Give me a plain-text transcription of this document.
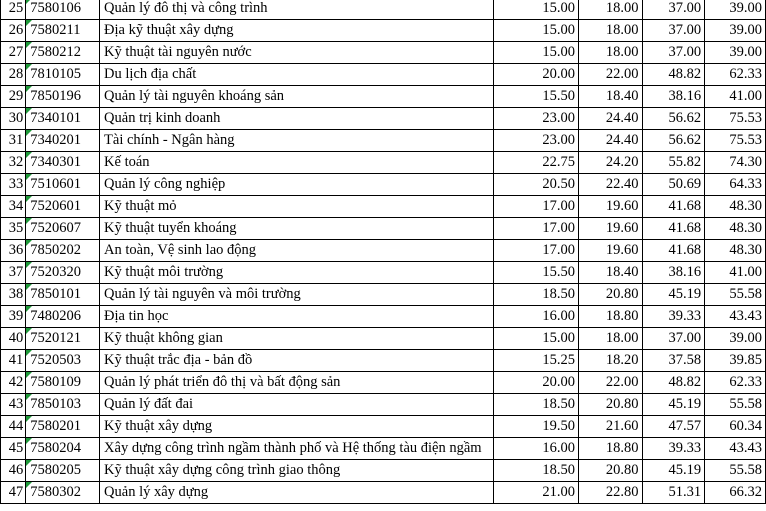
25	7580106	Quản lý đô thị và công trình	15.00	18.00	37.00	39.00
26	7580211	Địa kỹ thuật xây dựng	15.00	18.00	37.00	39.00
27	7580212	Kỹ thuật tài nguyên nước	15.00	18.00	37.00	39.00
28	7810105	Du lịch địa chất	20.00	22.00	48.82	62.33
29	7850196	Quản lý tài nguyên khoáng sản	15.50	18.40	38.16	41.00
30	7340101	Quản trị kinh doanh	23.00	24.40	56.62	75.53
31	7340201	Tài chính - Ngân hàng	23.00	24.40	56.62	75.53
32	7340301	Kế toán	22.75	24.20	55.82	74.30
33	7510601	Quản lý công nghiệp	20.50	22.40	50.69	64.33
34	7520601	Kỹ thuật mỏ	17.00	19.60	41.68	48.30
35	7520607	Kỹ thuật tuyển khoáng	17.00	19.60	41.68	48.30
36	7850202	An toàn, Vệ sinh lao động	17.00	19.60	41.68	48.30
37	7520320	Kỹ thuật môi trường	15.50	18.40	38.16	41.00
38	7850101	Quản lý tài nguyên và môi trường	18.50	20.80	45.19	55.58
39	7480206	Địa tin học	16.00	18.80	39.33	43.43
40	7520121	Kỹ thuật không gian	15.00	18.00	37.00	39.00
41	7520503	Kỹ thuật trắc địa - bản đồ	15.25	18.20	37.58	39.85
42	7580109	Quản lý phát triển đô thị và bất động sản	20.00	22.00	48.82	62.33
43	7850103	Quản lý đất đai	18.50	20.80	45.19	55.58
44	7580201	Kỹ thuật xây dựng	19.50	21.60	47.57	60.34
45	7580204	Xây dựng công trình ngầm thành phố và Hệ thống tàu điện ngầm	16.00	18.80	39.33	43.43
46	7580205	Kỹ thuật xây dựng công trình giao thông	18.50	20.80	45.19	55.58
47	7580302	Quản lý xây dựng	21.00	22.80	51.31	66.32
